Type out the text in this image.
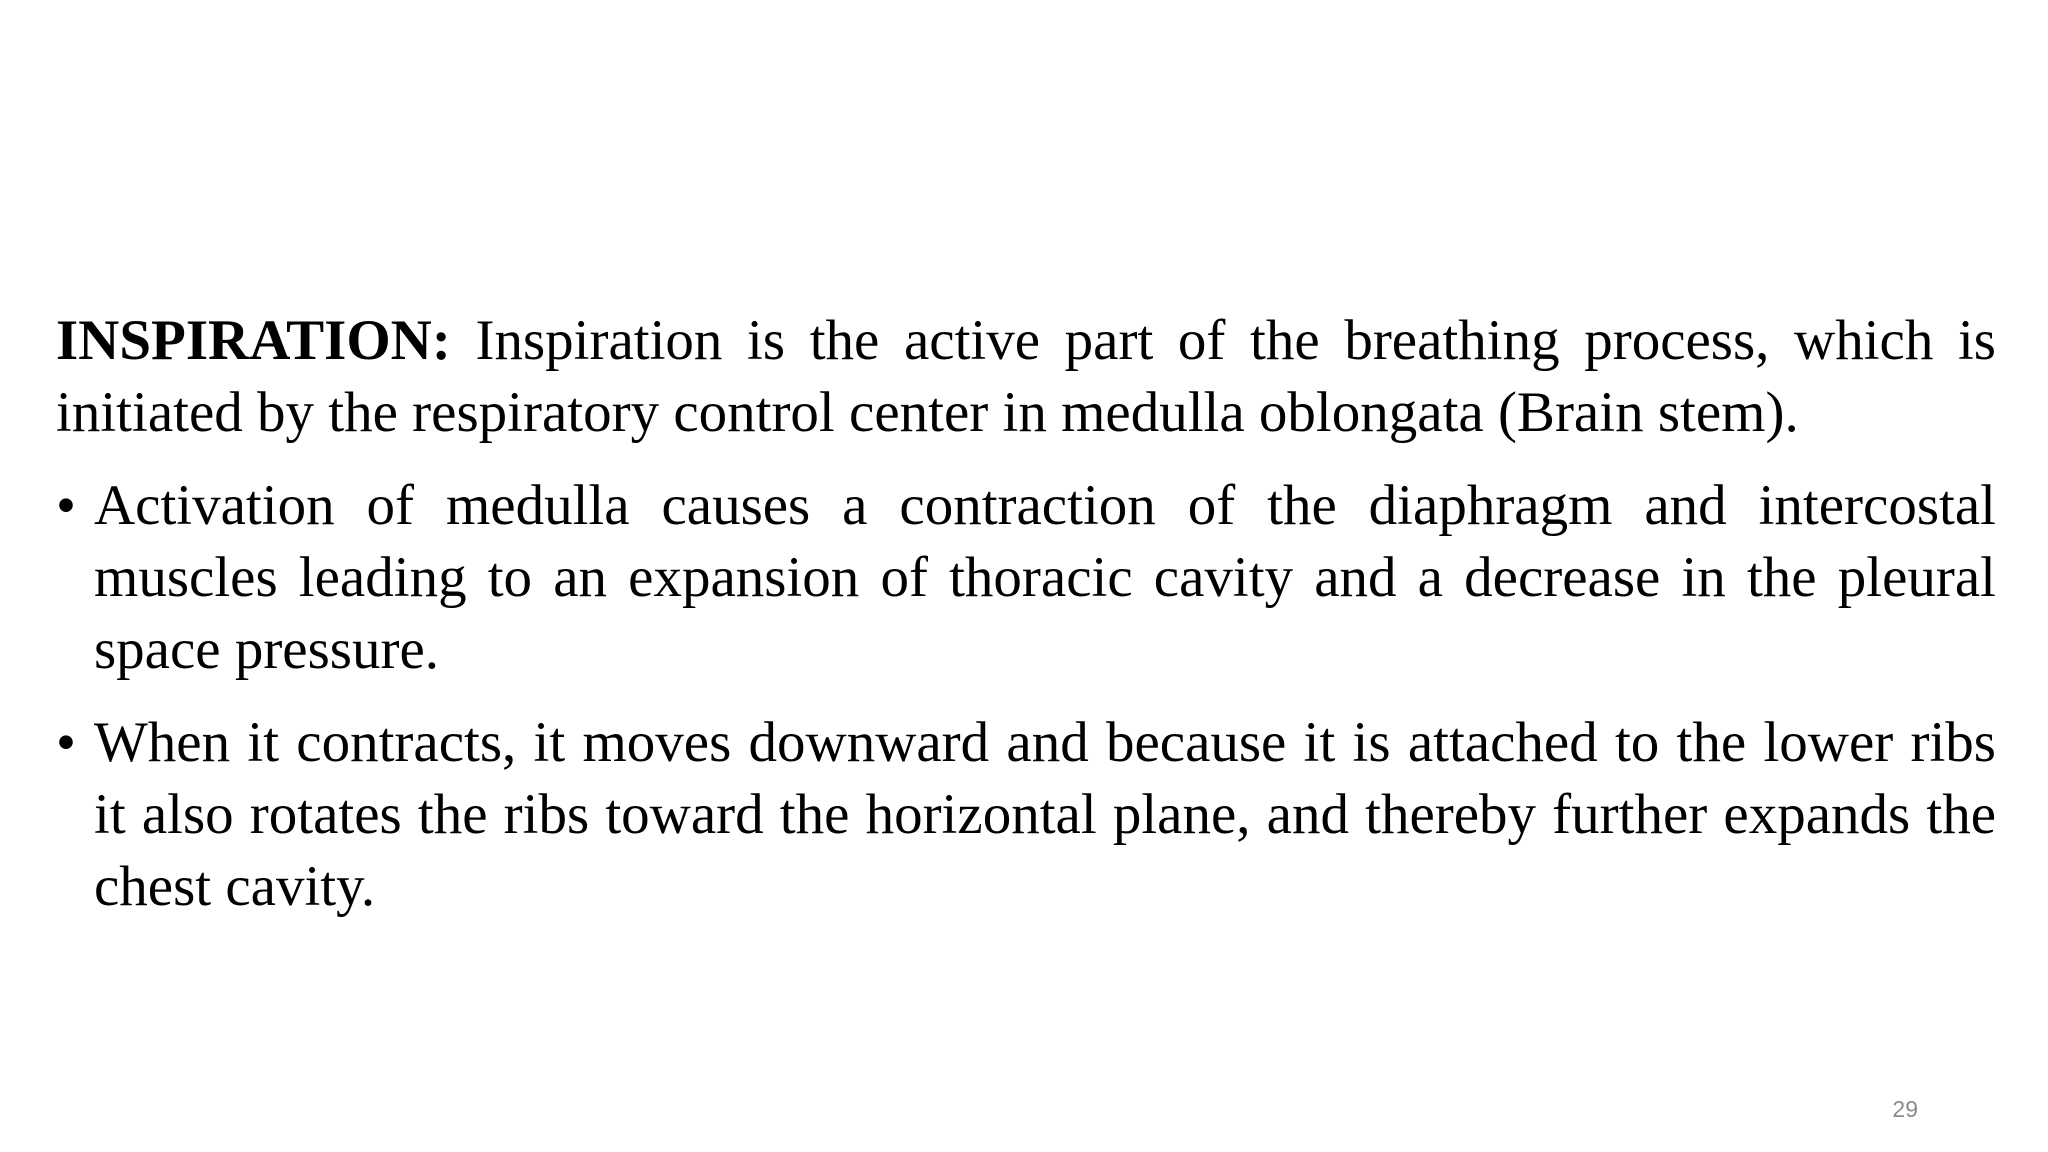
INSPIRATION: Inspiration is the active part of the breathing process, which is initiated by the respiratory control center in medulla oblongata (Brain stem).

• Activation of medulla causes a contraction of the diaphragm and intercostal muscles leading to an expansion of thoracic cavity and a decrease in the pleural space pressure.
• When it contracts, it moves downward and because it is attached to the lower ribs it also rotates the ribs toward the horizontal plane, and thereby further expands the chest cavity.
29
